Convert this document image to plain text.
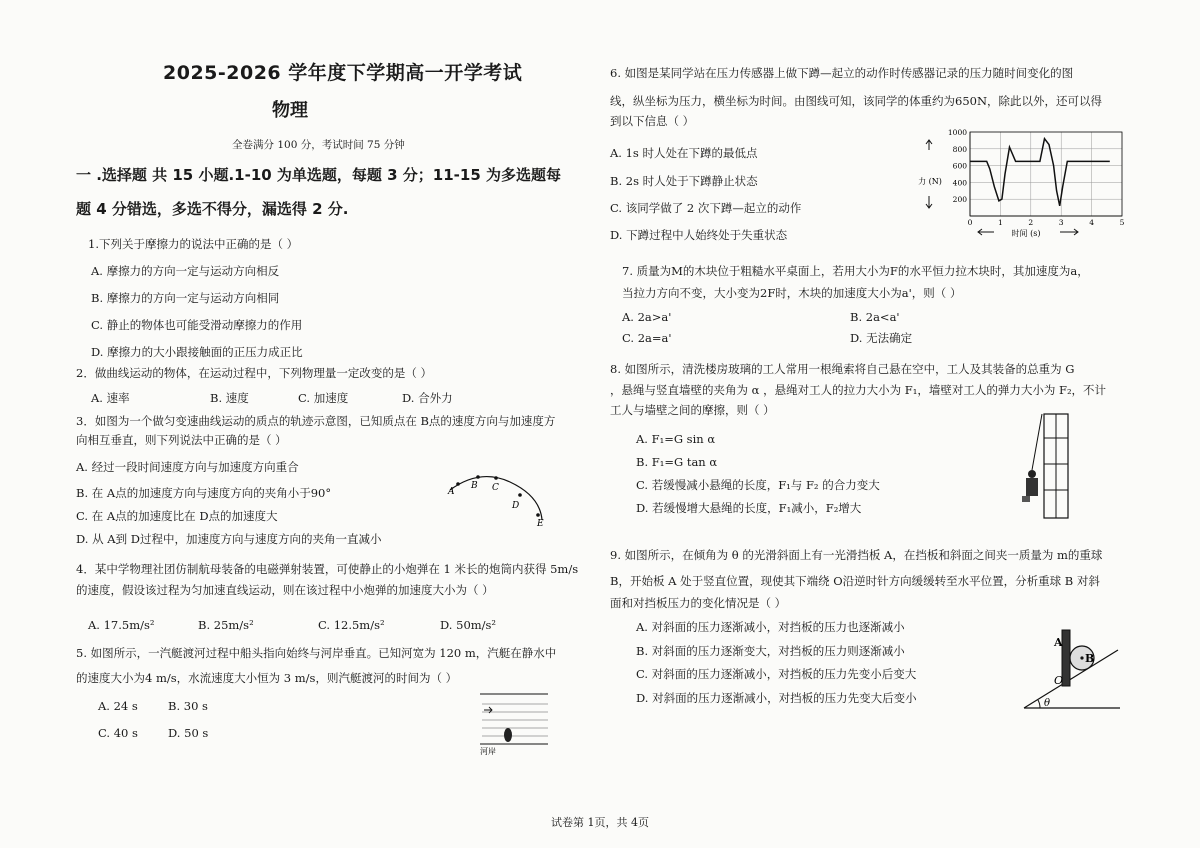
2025-2026 学年度下学期高一开学考试
物理
全卷满分 100 分，考试时间 75 分钟
一 .选择题 共 15 小题.1-10 为单选题，每题 3 分；11-15 为多选题每
题 4 分错选，多选不得分，漏选得 2 分.
1.下列关于摩擦力的说法中正确的是（ ）
A. 摩擦力的方向一定与运动方向相反
B. 摩擦力的方向一定与运动方向相同
C. 静止的物体也可能受滑动摩擦力的作用
D. 摩擦力的大小跟接触面的正压力成正比
2．做曲线运动的物体，在运动过程中，下列物理量一定改变的是（ ）
A. 速率	B. 速度	C. 加速度	D. 合外力
3．如图为一个做匀变速曲线运动的质点的轨迹示意图，已知质点在 B点的速度方向与加速度方
向相互垂直，则下列说法中正确的是（ ）
A. 经过一段时间速度方向与加速度方向重合
B. 在 A点的加速度方向与速度方向的夹角小于90°
C. 在 A点的加速度比在 D点的加速度大
D. 从 A到 D过程中，加速度方向与速度方向的夹角一直减小
A
B C
D
E
4．某中学物理社团仿制航母装备的电磁弹射装置，可使静止的小炮弹在 1 米长的炮筒内获得 5m/s
的速度，假设该过程为匀加速直线运动，则在该过程中小炮弹的加速度大小为（ ）
A. 17.5m/s²	B. 25m/s²	C. 12.5m/s²	D. 50m/s²
5. 如图所示，一汽艇渡河过程中船头指向始终与河岸垂直。已知河宽为 120 m，汽艇在静水中
的速度大小为4 m/s，水流速度大小恒为 3 m/s，则汽艇渡河的时间为（ ）
A. 24 s	B. 30 s
C. 40 s	D. 50 s
河岸
6. 如图是某同学站在压力传感器上做下蹲—起立的动作时传感器记录的压力随时间变化的图
线，纵坐标为压力，横坐标为时间。由图线可知，该同学的体重约为650N，除此以外，还可以得
到以下信息（ ）
A. 1s 时人处在下蹲的最低点
B. 2s 时人处于下蹲静止状态
C. 该同学做了 2 次下蹲—起立的动作
D. 下蹲过程中人始终处于失重状态
200
400
600
800
1000
0	1	2	3	4	5
力 (N)
时间 (s)
7. 质量为M的木块位于粗糙水平桌面上，若用大小为F的水平恒力拉木块时，其加速度为a，
当拉力方向不变，大小变为2F时，木块的加速度大小为a'，则（ ）
A. 2a>a'	B. 2a<a'
C. 2a=a'	D. 无法确定
8. 如图所示，清洗楼房玻璃的工人常用一根绳索将自己悬在空中，工人及其装备的总重为 G
，悬绳与竖直墙壁的夹角为 α ，悬绳对工人的拉力大小为 F₁，墙壁对工人的弹力大小为 F₂，不计
工人与墙壁之间的摩擦，则（ ）
A. F₁=G sin α
B. F₁=G tan α
C. 若缓慢减小悬绳的长度，F₁与 F₂ 的合力变大
D. 若缓慢增大悬绳的长度，F₁减小，F₂增大
9. 如图所示，在倾角为 θ 的光滑斜面上有一光滑挡板 A，在挡板和斜面之间夹一质量为 m的重球
B，开始板 A 处于竖直位置，现使其下端绕 O沿逆时针方向缓缓转至水平位置，分析重球 B 对斜
面和对挡板压力的变化情况是（ ）
A. 对斜面的压力逐渐减小，对挡板的压力也逐渐减小
B. 对斜面的压力逐渐变大，对挡板的压力则逐渐减小
C. 对斜面的压力逐渐减小，对挡板的压力先变小后变大
D. 对斜面的压力逐渐减小，对挡板的压力先变大后变小
A
B
O
θ
试卷第 1页，共 4页
